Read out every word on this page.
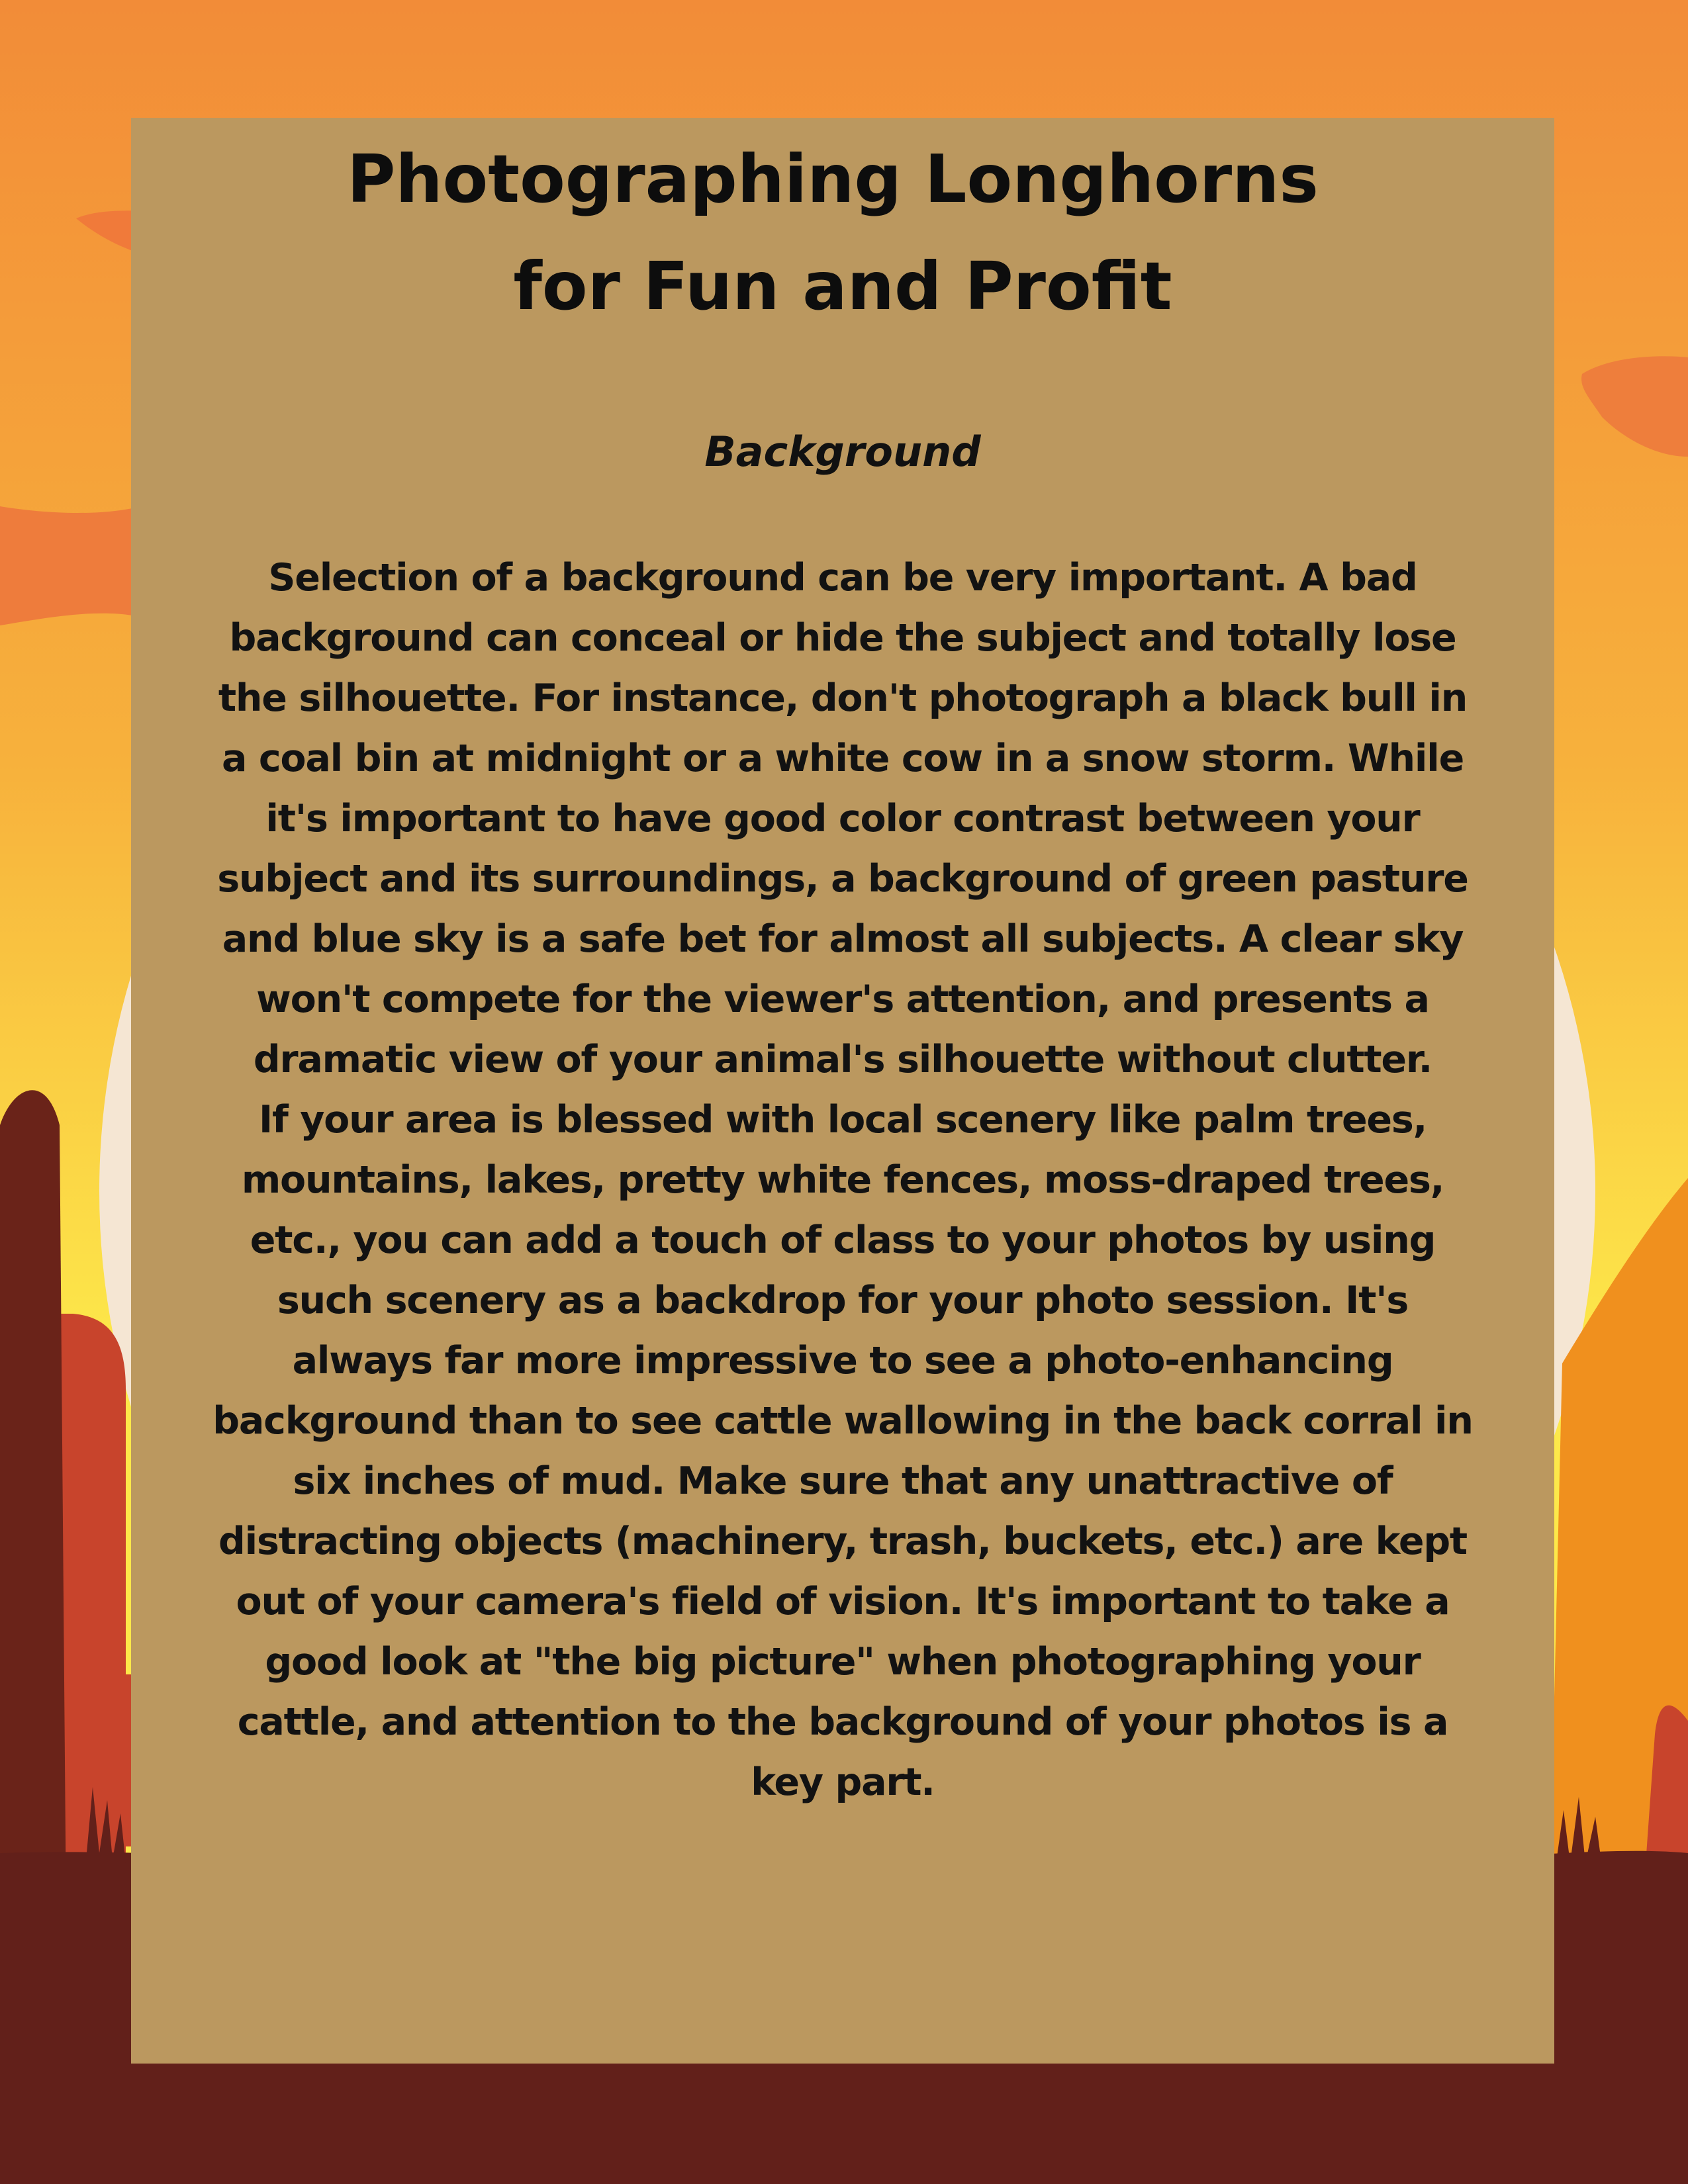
Photographing Longhorns
for Fun and Profit
Background

Selection of a background can be very important. A bad
background can conceal or hide the subject and totally lose
the silhouette. For instance, don't photograph a black bull in
a coal bin at midnight or a white cow in a snow storm. While
it's important to have good color contrast between your
subject and its surroundings, a background of green pasture
and blue sky is a safe bet for almost all subjects. A clear sky
won't compete for the viewer's attention, and presents a
dramatic view of your animal's silhouette without clutter.
If your area is blessed with local scenery like palm trees,
mountains, lakes, pretty white fences, moss-draped trees,
etc., you can add a touch of class to your photos by using
such scenery as a backdrop for your photo session. It's
always far more impressive to see a photo-enhancing
background than to see cattle wallowing in the back corral in
six inches of mud. Make sure that any unattractive of
distracting objects (machinery, trash, buckets, etc.) are kept
out of your camera's field of vision. It's important to take a
good look at "the big picture" when photographing your
cattle, and attention to the background of your photos is a
key part.
